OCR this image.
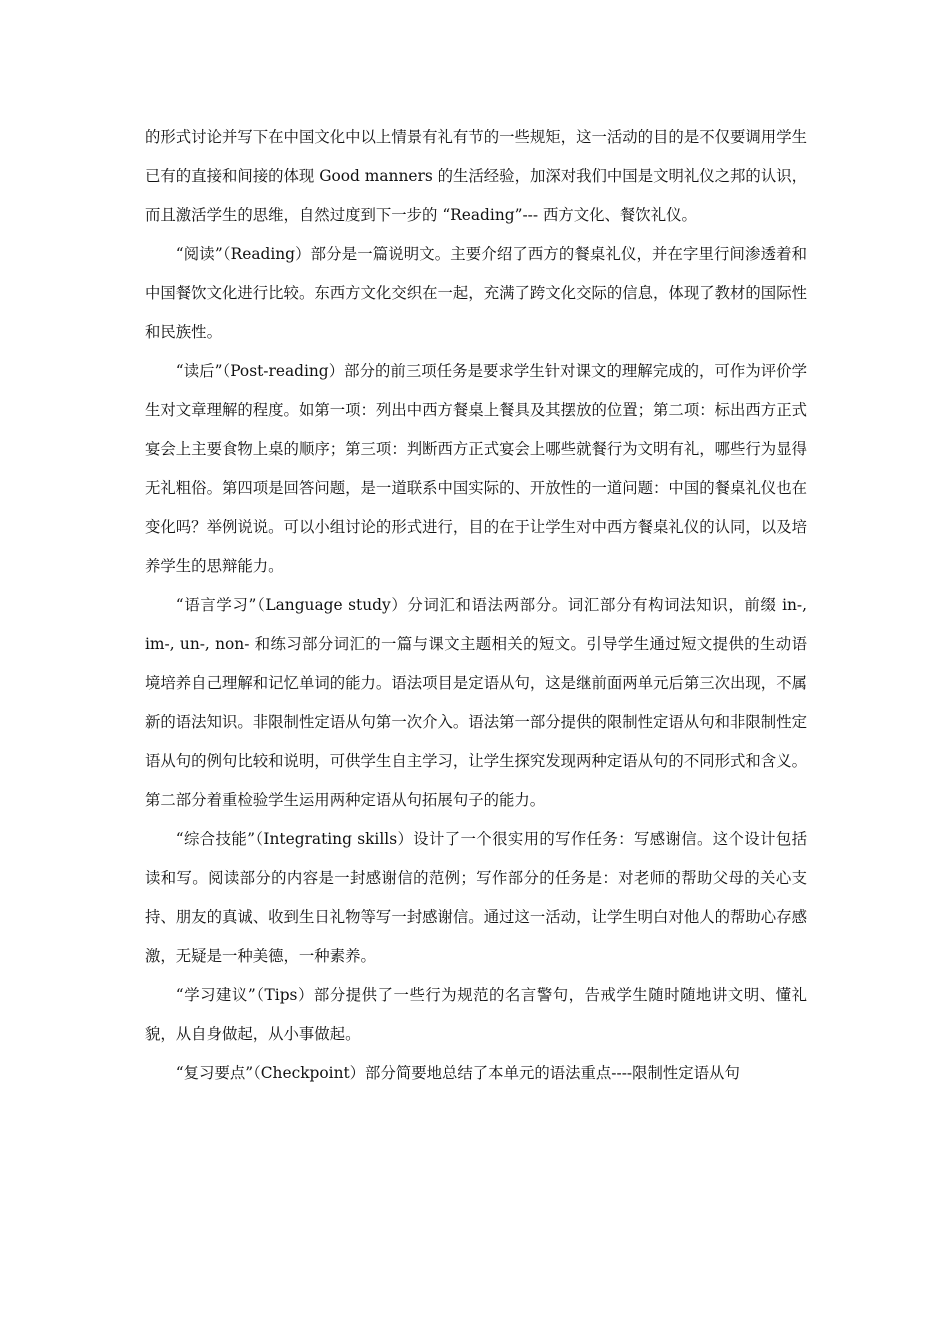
的形式讨论并写下在中国文化中以上情景有礼有节的一些规矩，这一活动的目的是不仅要调用学生已有的直接和间接的体现 Good manners 的生活经验，加深对我们中国是文明礼仪之邦的认识，而且激活学生的思维，自然过度到下一步的 “Reading”--- 西方文化、餐饮礼仪。

“阅读”（Reading）部分是一篇说明文。主要介绍了西方的餐桌礼仪，并在字里行间渗透着和中国餐饮文化进行比较。东西方文化交织在一起，充满了跨文化交际的信息，体现了教材的国际性和民族性。

“读后”（Post-reading）部分的前三项任务是要求学生针对课文的理解完成的，可作为评价学生对文章理解的程度。如第一项：列出中西方餐桌上餐具及其摆放的位置；第二项：标出西方正式宴会上主要食物上桌的顺序；第三项：判断西方正式宴会上哪些就餐行为文明有礼，哪些行为显得无礼粗俗。第四项是回答问题，是一道联系中国实际的、开放性的一道问题：中国的餐桌礼仪也在变化吗？举例说说。可以小组讨论的形式进行，目的在于让学生对中西方餐桌礼仪的认同，以及培养学生的思辩能力。

“语言学习”（Language study）分词汇和语法两部分。词汇部分有构词法知识，前缀 in-, im-, un-, non- 和练习部分词汇的一篇与课文主题相关的短文。引导学生通过短文提供的生动语境培养自己理解和记忆单词的能力。语法项目是定语从句，这是继前面两单元后第三次出现，不属新的语法知识。非限制性定语从句第一次介入。语法第一部分提供的限制性定语从句和非限制性定语从句的例句比较和说明，可供学生自主学习，让学生探究发现两种定语从句的不同形式和含义。第二部分着重检验学生运用两种定语从句拓展句子的能力。

“综合技能”（Integrating skills）设计了一个很实用的写作任务：写感谢信。这个设计包括读和写。阅读部分的内容是一封感谢信的范例；写作部分的任务是：对老师的帮助父母的关心支持、朋友的真诚、收到生日礼物等写一封感谢信。通过这一活动，让学生明白对他人的帮助心存感激，无疑是一种美德，一种素养。

“学习建议”（Tips）部分提供了一些行为规范的名言警句，告戒学生随时随地讲文明、懂礼貌，从自身做起，从小事做起。

“复习要点”（Checkpoint）部分简要地总结了本单元的语法重点----限制性定语从句
